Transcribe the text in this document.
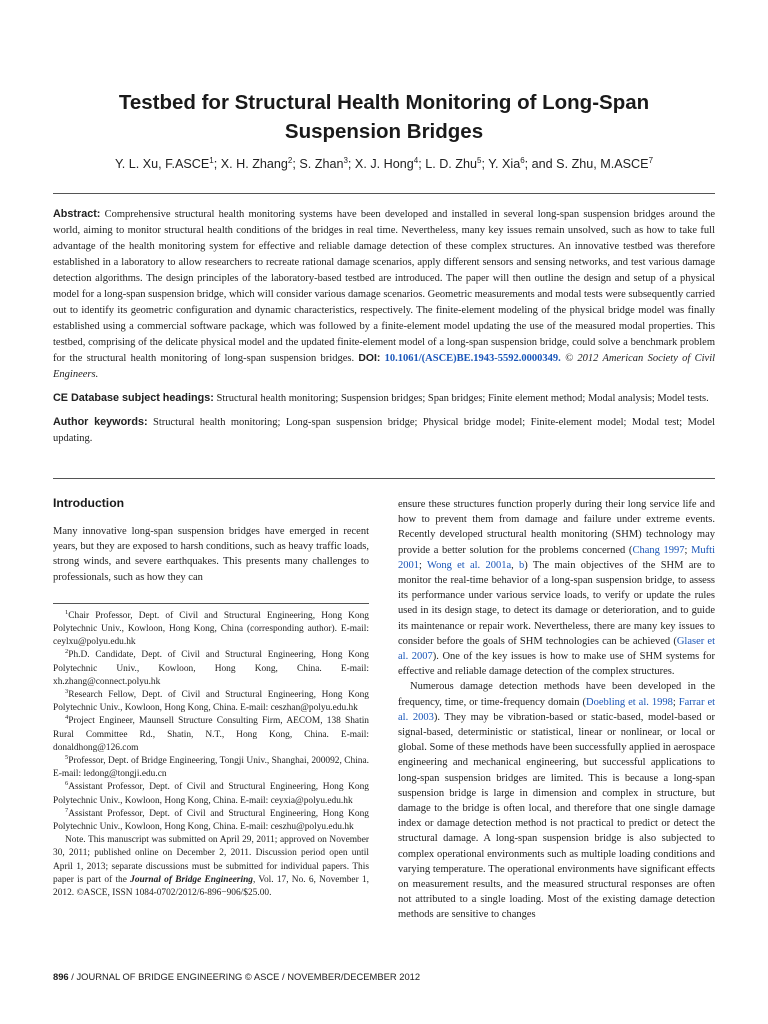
Testbed for Structural Health Monitoring of Long-Span
Suspension Bridges
Y. L. Xu, F.ASCE$^1$; X. H. Zhang$^2$; S. Zhan$^3$; X. J. Hong$^4$; L. D. Zhu$^5$; Y. Xia$^6$; and S. Zhu, M.ASCE$^7$

Abstract: Comprehensive structural health monitoring systems have been developed and installed in several long-span suspension bridges around the world, aiming to monitor structural health conditions of the bridges in real time. Nevertheless, many key issues remain unsolved, such as how to take full advantage of the health monitoring system for effective and reliable damage detection of these complex structures. An innovative testbed was therefore established in a laboratory to allow researchers to recreate rational damage scenarios, apply different sensors and sensing networks, and test various damage detection algorithms. The design principles of the laboratory-based testbed are introduced. The paper will then outline the design and setup of a physical model for a long-span suspension bridge, which will consider various damage scenarios. Geometric measurements and modal tests were subsequently carried out to identify its geometric configuration and dynamic characteristics, respectively. The finite-element modeling of the physical bridge model was finally established using a commercial software package, which was followed by a finite-element model updating the use of the measured modal properties. This testbed, comprising of the delicate physical model and the updated finite-element model of a long-span suspension bridge, could solve a benchmark problem for the structural health monitoring of long-span suspension bridges. DOI: 10.1061/(ASCE)BE.1943-5592.0000349. © 2012 American Society of Civil Engineers.

CE Database subject headings: Structural health monitoring; Suspension bridges; Span bridges; Finite element method; Modal analysis; Model tests.

Author keywords: Structural health monitoring; Long-span suspension bridge; Physical bridge model; Finite-element model; Modal test; Model updating.

Introduction

Many innovative long-span suspension bridges have emerged in recent years, but they are exposed to harsh conditions, such as heavy traffic loads, strong winds, and severe earthquakes. This presents many challenges to professionals, such as how they can

$^1$Chair Professor, Dept. of Civil and Structural Engineering, Hong Kong Polytechnic Univ., Kowloon, Hong Kong, China (corresponding author). E-mail: ceylxu@polyu.edu.hk

$^2$Ph.D. Candidate, Dept. of Civil and Structural Engineering, Hong Kong Polytechnic Univ., Kowloon, Hong Kong, China. E-mail: xh.zhang@connect.polyu.hk

$^3$Research Fellow, Dept. of Civil and Structural Engineering, Hong Kong Polytechnic Univ., Kowloon, Hong Kong, China. E-mail: ceszhan@polyu.edu.hk

$^4$Project Engineer, Maunsell Structure Consulting Firm, AECOM, 138 Shatin Rural Committee Rd., Shatin, N.T., Hong Kong, China. E-mail: donaldhong@126.com

$^5$Professor, Dept. of Bridge Engineering, Tongji Univ., Shanghai, 200092, China. E-mail: ledong@tongji.edu.cn

$^6$Assistant Professor, Dept. of Civil and Structural Engineering, Hong Kong Polytechnic Univ., Kowloon, Hong Kong, China. E-mail: ceyxia@polyu.edu.hk

$^7$Assistant Professor, Dept. of Civil and Structural Engineering, Hong Kong Polytechnic Univ., Kowloon, Hong Kong, China. E-mail: ceszhu@polyu.edu.hk

Note. This manuscript was submitted on April 29, 2011; approved on November 30, 2011; published online on December 2, 2011. Discussion period open until April 1, 2013; separate discussions must be submitted for individual papers. This paper is part of the Journal of Bridge Engineering, Vol. 17, No. 6, November 1, 2012. ©ASCE, ISSN 1084-0702/2012/6-896−906/$25.00.

ensure these structures function properly during their long service life and how to prevent them from damage and failure under extreme events. Recently developed structural health monitoring (SHM) technology may provide a better solution for the problems concerned (Chang 1997; Mufti 2001; Wong et al. 2001a, b) The main objectives of the SHM are to monitor the real-time behavior of a long-span suspension bridge, to assess its performance under various service loads, to verify or update the rules used in its design stage, to detect its damage or deterioration, and to guide its maintenance or repair work. Nevertheless, there are many key issues to consider before the goals of SHM technologies can be achieved (Glaser et al. 2007). One of the key issues is how to make use of SHM systems for effective and reliable damage detection of the complex structures.

Numerous damage detection methods have been developed in the frequency, time, or time-frequency domain (Doebling et al. 1998; Farrar et al. 2003). They may be vibration-based or static-based, model-based or signal-based, deterministic or statistical, linear or nonlinear, or local or global. Some of these methods have been successfully applied in aerospace engineering and mechanical engineering, but successful applications to long-span suspension bridges are limited. This is because a long-span suspension bridge is large in dimension and complex in structure, but damage to the bridge is often local, and therefore that one single damage index or damage detection method is not practical to predict or detect the structural damage. A long-span suspension bridge is also subjected to complex operational environments such as multiple loading conditions and varying temperature. The operational environments have significant effects on measurement results, and the measured structural responses are often not attributed to a single loading. Most of the existing damage detection methods are sensitive to changes

896 / JOURNAL OF BRIDGE ENGINEERING © ASCE / NOVEMBER/DECEMBER 2012
